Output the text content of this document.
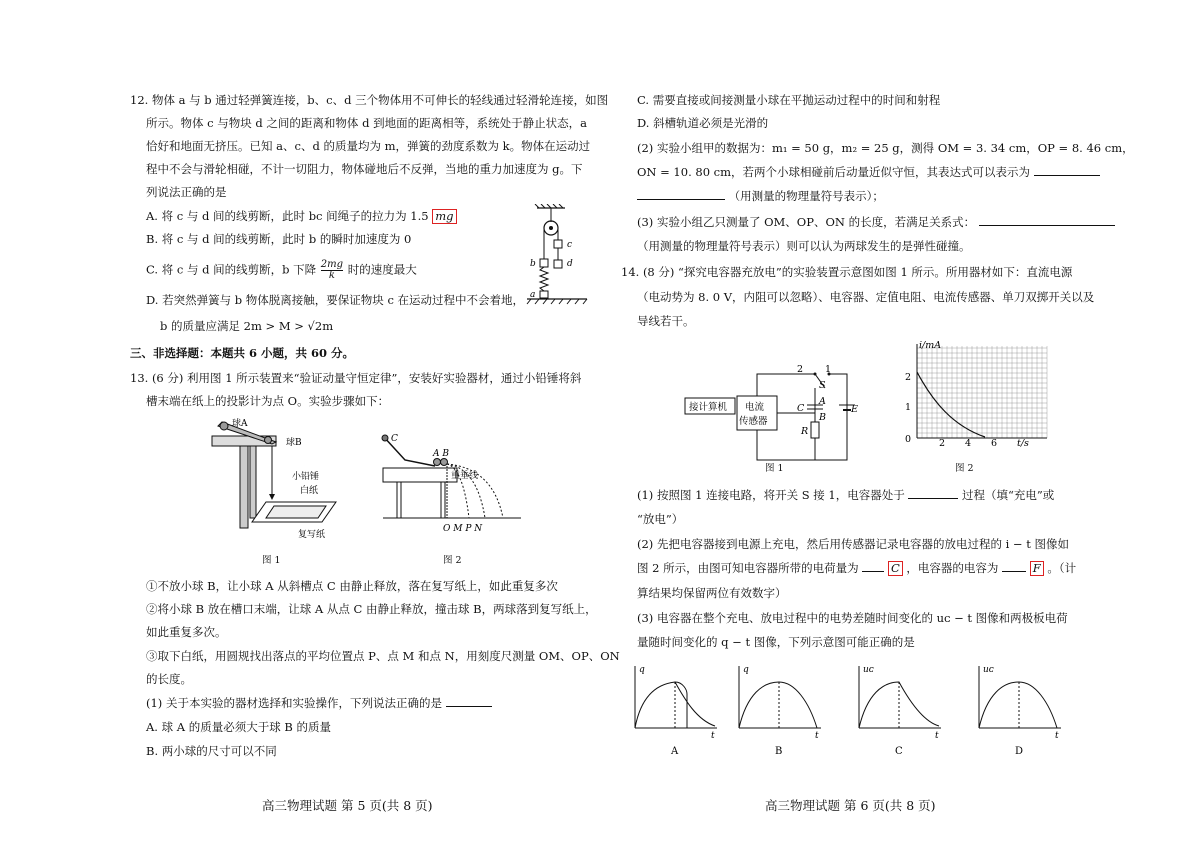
12. 物体 a 与 b 通过轻弹簧连接，b、c、d 三个物体用不可伸长的轻线通过轻滑轮连接，如图
所示。物体 c 与物块 d 之间的距离和物体 d 到地面的距离相等，系统处于静止状态，a
恰好和地面无挤压。已知 a、c、d 的质量均为 m，弹簧的劲度系数为 k。物体在运动过
程中不会与滑轮相碰，不计一切阻力，物体碰地后不反弹，当地的重力加速度为 g。下
列说法正确的是
A. 将 c 与 d 间的线剪断，此时 bc 间绳子的拉力为 1.5 mg
B. 将 c 与 d 间的线剪断，此时 b 的瞬时加速度为 0
C. 将 c 与 d 间的线剪断，b 下降 $\frac{2mg}{k}$ 时的速度最大
D. 若突然弹簧与 b 物体脱离接触，要保证物块 c 在运动过程中不会着地，
b 的质量应满足 2m > M > √2m
c
d
b
a
三、非选择题：本题共 6 小题，共 60 分。
13. (6 分) 利用图 1 所示装置来“验证动量守恒定律”，安装好实验器材，通过小铅锤将斜
槽末端在纸上的投影计为点 O。实验步骤如下：
球A
球B
小铅锤
白纸
复写纸
图 1
C
A B
重垂线
O M P N
图 2
①不放小球 B，让小球 A 从斜槽点 C 由静止释放，落在复写纸上，如此重复多次
②将小球 B 放在槽口末端，让球 A 从点 C 由静止释放，撞击球 B，两球落到复写纸上，
如此重复多次。
③取下白纸，用圆规找出落点的平均位置点 P、点 M 和点 N，用刻度尺测量 OM、OP、ON
的长度。
(1) 关于本实验的器材选择和实验操作，下列说法正确的是
A. 球 A 的质量必须大于球 B 的质量
B. 两小球的尺寸可以不同
高三物理试题 第 5 页(共 8 页)
C. 需要直接或间接测量小球在平抛运动过程中的时间和射程
D. 斜槽轨道必须是光滑的
(2) 实验小组甲的数据为：m₁ = 50 g，m₂ = 25 g，测得 OM = 3. 34 cm，OP = 8. 46 cm，
ON = 10. 80 cm，若两个小球相碰前后动量近似守恒，其表达式可以表示为
（用测量的物理量符号表示）；
(3) 实验小组乙只测量了 OM、OP、ON 的长度，若满足关系式：
（用测量的物理量符号表示）则可以认为两球发生的是弹性碰撞。
14. (8 分) “探究电容器充放电”的实验装置示意图如图 1 所示。所用器材如下：直流电源
（电动势为 8. 0 V，内阻可以忽略）、电容器、定值电阻、电流传感器、单刀双掷开关以及
导线若干。
接计算机 电流
传感器
2 1
S
C
A
B
R
E
图 1
i/mA
t/s
2
1
0	2 4 6
图 2
(1) 按照图 1 连接电路，将开关 S 接 1，电容器处于	过程（填“充电”或
“放电”）
(2) 先把电容器接到电源上充电，然后用传感器记录电容器的放电过程的 i − t 图像如
图 2 所示，由图可知电容器所带的电荷量为	C ，电容器的电容为	F 。（计
算结果均保留两位有效数字）
(3) 电容器在整个充电、放电过程中的电势差随时间变化的 uᴄ − t 图像和两极板电荷
量随时间变化的 q − t 图像，下列示意图可能正确的是
q
t
A
q
t
B
uᴄ
t
C
uᴄ
t
D
高三物理试题 第 6 页(共 8 页)
